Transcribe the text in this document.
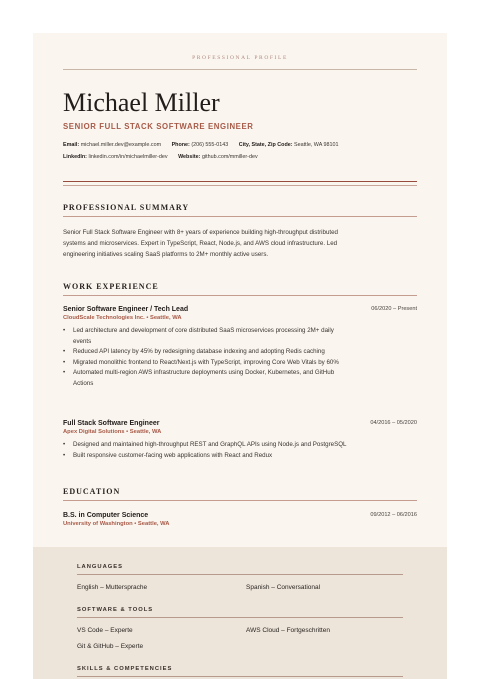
PROFESSIONAL PROFILE
Michael Miller
SENIOR FULL STACK SOFTWARE ENGINEER
Email: michael.miller.dev@example.com Phone: (206) 555-0143 City, State, Zip Code: Seattle, WA 98101
LinkedIn: linkedin.com/in/michaelmiller-dev Website: github.com/mmiller-dev
PROFESSIONAL SUMMARY
Senior Full Stack Software Engineer with 8+ years of experience building high-throughput distributed
systems and microservices. Expert in TypeScript, React, Node.js, and AWS cloud infrastructure. Led
engineering initiatives scaling SaaS platforms to 2M+ monthly active users.
WORK EXPERIENCE
Senior Software Engineer / Tech Lead	06/2020 – Present
CloudScale Technologies Inc. • Seattle, WA
• Led architecture and development of core distributed SaaS microservices processing 2M+ daily
events
• Reduced API latency by 45% by redesigning database indexing and adopting Redis caching
• Migrated monolithic frontend to React/Next.js with TypeScript, improving Core Web Vitals by 60%
• Automated multi-region AWS infrastructure deployments using Docker, Kubernetes, and GitHub
Actions
Full Stack Software Engineer	04/2016 – 05/2020
Apex Digital Solutions • Seattle, WA
• Designed and maintained high-throughput REST and GraphQL APIs using Node.js and PostgreSQL
• Built responsive customer-facing web applications with React and Redux
EDUCATION
B.S. in Computer Science	09/2012 – 06/2016
University of Washington • Seattle, WA
LANGUAGES
English – Muttersprache	Spanish – Conversational
SOFTWARE & TOOLS
VS Code – Experte	AWS Cloud – Fortgeschritten
Git & GitHub – Experte
SKILLS & COMPETENCIES
